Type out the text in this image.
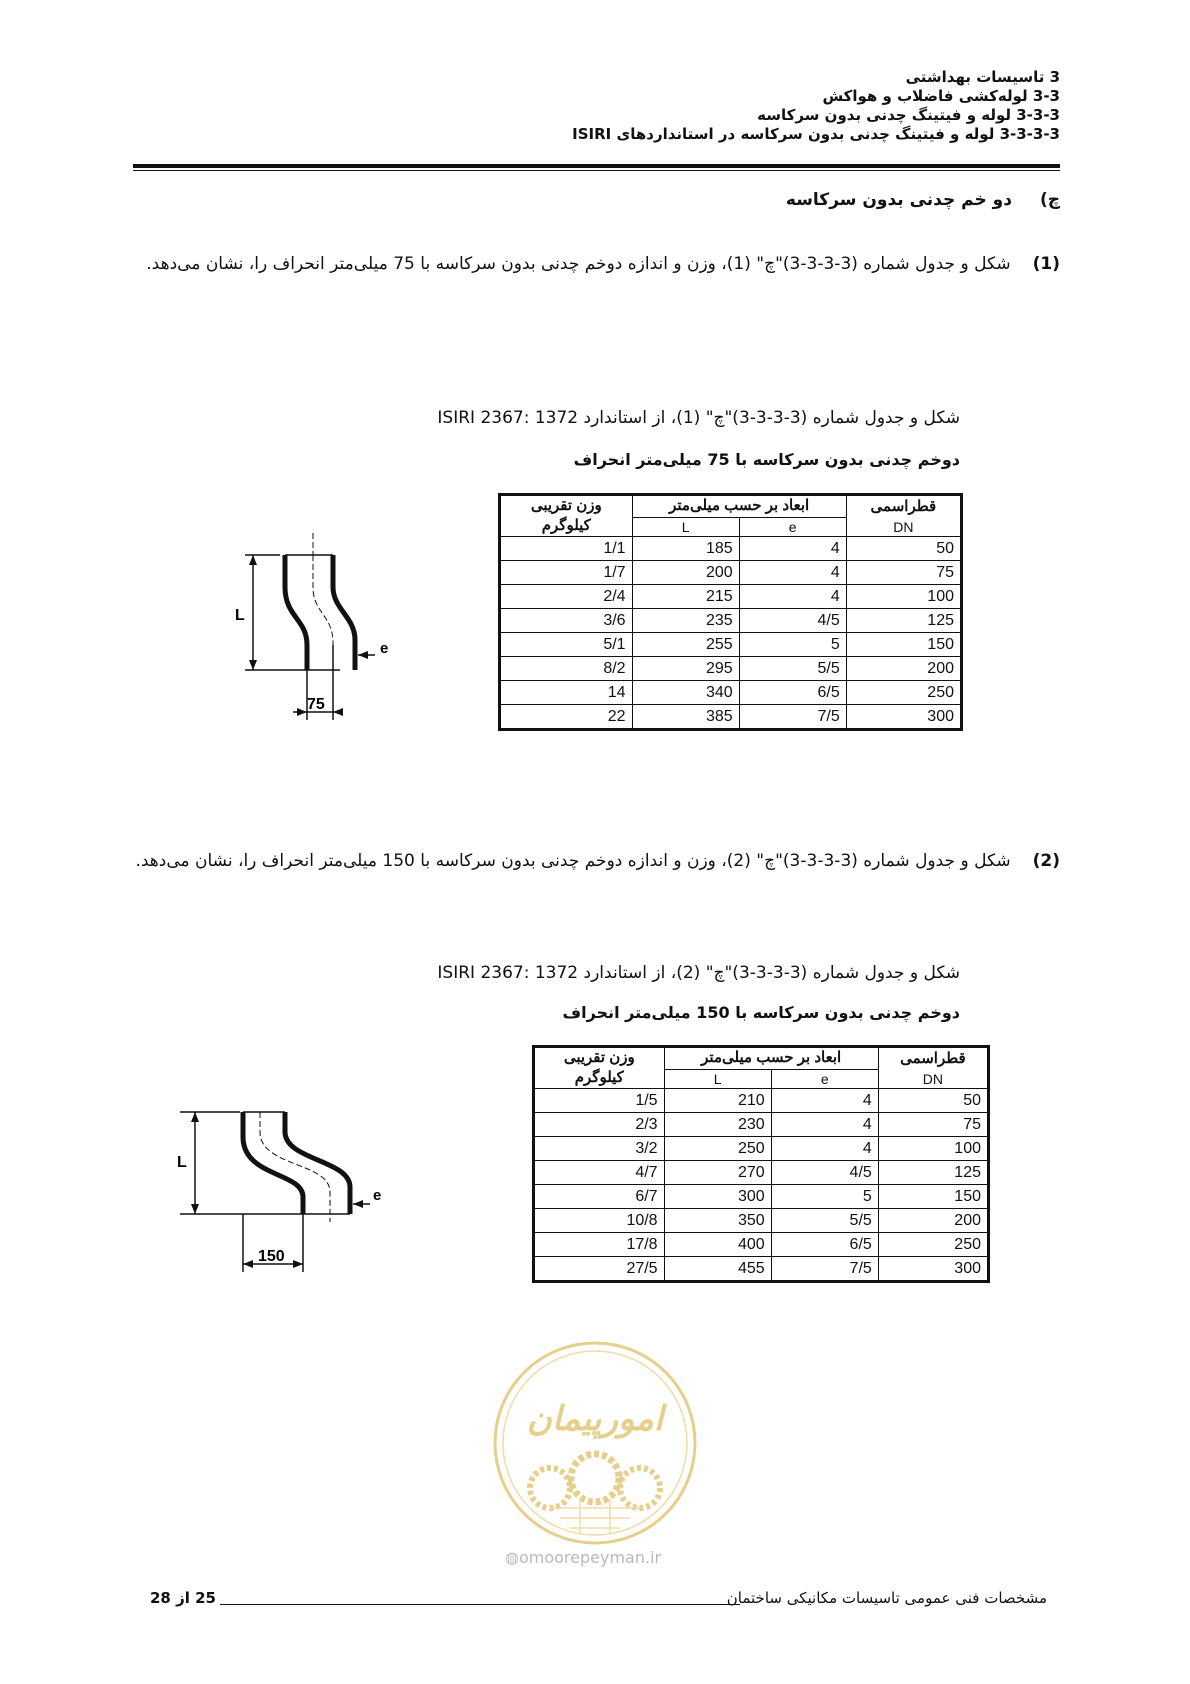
3 تاسیسات بهداشتی
3-3 لوله‌کشی فاضلاب و هواکش
3-3-3 لوله و فیتینگ چدنی بدون سرکاسه
3-3-3-3 لوله و فیتینگ چدنی بدون سرکاسه در استانداردهای ISIRI
چ)دو خم چدنی بدون سرکاسه
(1)شکل و جدول شماره (3-3-3-3)"چ" (1)، وزن و اندازه دوخم چدنی بدون سرکاسه با 75 میلی‌متر انحراف را، نشان می‌دهد.
شکل و جدول شماره (3-3-3-3)"چ" (1)، از استاندارد ISIRI 2367: 1372
دوخم چدنی بدون سرکاسه با 75 میلی‌متر انحراف
L
e
75
وزن تقریبی کیلوگرم	ابعاد بر حسب میلی‌متر		قطراسمی
	L	e	DN
1/1	185	4	50
1/7	200	4	75
2/4	215	4	100
3/6	235	4/5	125
5/1	255	5	150
8/2	295	5/5	200
14	340	6/5	250
22	385	7/5	300
(2)شکل و جدول شماره (3-3-3-3)"چ" (2)، وزن و اندازه دوخم چدنی بدون سرکاسه با 150 میلی‌متر انحراف را، نشان می‌دهد.
شکل و جدول شماره (3-3-3-3)"چ" (2)، از استاندارد ISIRI 2367: 1372
دوخم چدنی بدون سرکاسه با 150 میلی‌متر انحراف
L
e
150
وزن تقریبی کیلوگرم	ابعاد بر حسب میلی‌متر		قطراسمی
	L	e	DN
1/5	210	4	50
2/3	230	4	75
3/2	250	4	100
4/7	270	4/5	125
6/7	300	5	150
10/8	350	5/5	200
17/8	400	6/5	250
27/5	455	7/5	300
امورپیمان
◍omoorepeyman.ir
25 از 28	مشخصات فنی عمومی تاسیسات مکانیکی ساختمان
